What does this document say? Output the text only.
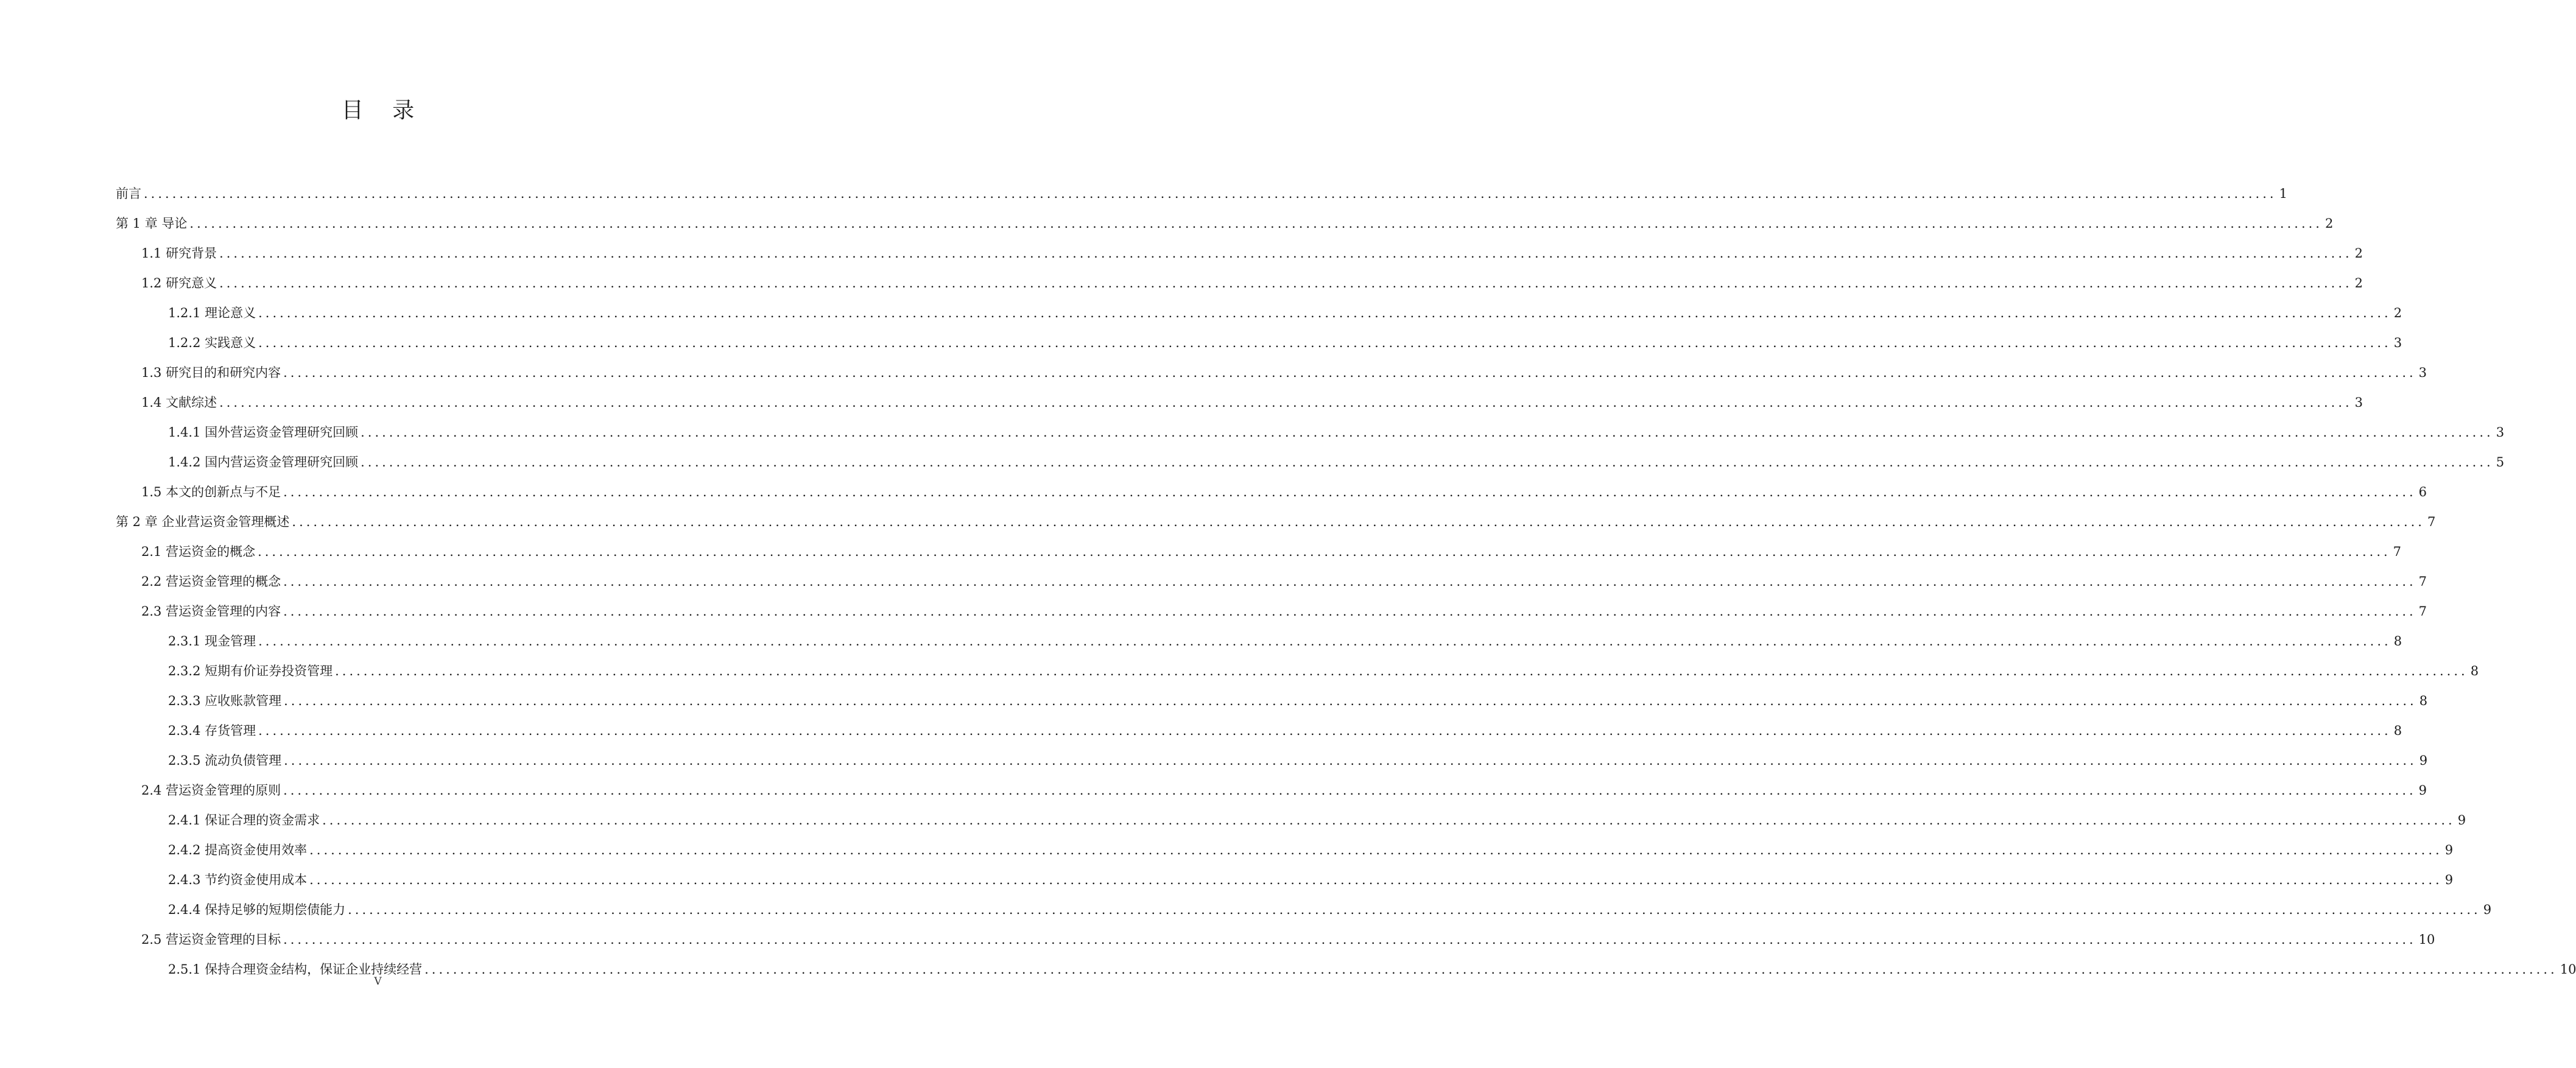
目 录
前言 ............................................................................................................................................................................................................................................................................................................ 1
第 1 章 导论 ............................................................................................................................................................................................................................................................................................................ 2
1.1 研究背景 ............................................................................................................................................................................................................................................................................................................ 2
1.2 研究意义 ............................................................................................................................................................................................................................................................................................................ 2
1.2.1 理论意义 ............................................................................................................................................................................................................................................................................................................ 2
1.2.2 实践意义 ............................................................................................................................................................................................................................................................................................................ 3
1.3 研究目的和研究内容 ............................................................................................................................................................................................................................................................................................................ 3
1.4 文献综述 ............................................................................................................................................................................................................................................................................................................ 3
1.4.1 国外营运资金管理研究回顾 ............................................................................................................................................................................................................................................................................................................ 3
1.4.2 国内营运资金管理研究回顾 ............................................................................................................................................................................................................................................................................................................ 5
1.5 本文的创新点与不足 ............................................................................................................................................................................................................................................................................................................ 6
第 2 章 企业营运资金管理概述 ............................................................................................................................................................................................................................................................................................................ 7
2.1 营运资金的概念 ............................................................................................................................................................................................................................................................................................................ 7
2.2 营运资金管理的概念 ............................................................................................................................................................................................................................................................................................................ 7
2.3 营运资金管理的内容 ............................................................................................................................................................................................................................................................................................................ 7
2.3.1 现金管理 ............................................................................................................................................................................................................................................................................................................ 8
2.3.2 短期有价证券投资管理 ............................................................................................................................................................................................................................................................................................................ 8
2.3.3 应收账款管理 ............................................................................................................................................................................................................................................................................................................ 8
2.3.4 存货管理 ............................................................................................................................................................................................................................................................................................................ 8
2.3.5 流动负债管理 ............................................................................................................................................................................................................................................................................................................ 9
2.4 营运资金管理的原则 ............................................................................................................................................................................................................................................................................................................ 9
2.4.1 保证合理的资金需求 ............................................................................................................................................................................................................................................................................................................ 9
2.4.2 提高资金使用效率 ............................................................................................................................................................................................................................................................................................................ 9
2.4.3 节约资金使用成本 ............................................................................................................................................................................................................................................................................................................ 9
2.4.4 保持足够的短期偿债能力 ............................................................................................................................................................................................................................................................................................................ 9
2.5 营运资金管理的目标 ............................................................................................................................................................................................................................................................................................................ 10
2.5.1 保持合理资金结构，保证企业持续经营 ............................................................................................................................................................................................................................................................................................................ 10
V
